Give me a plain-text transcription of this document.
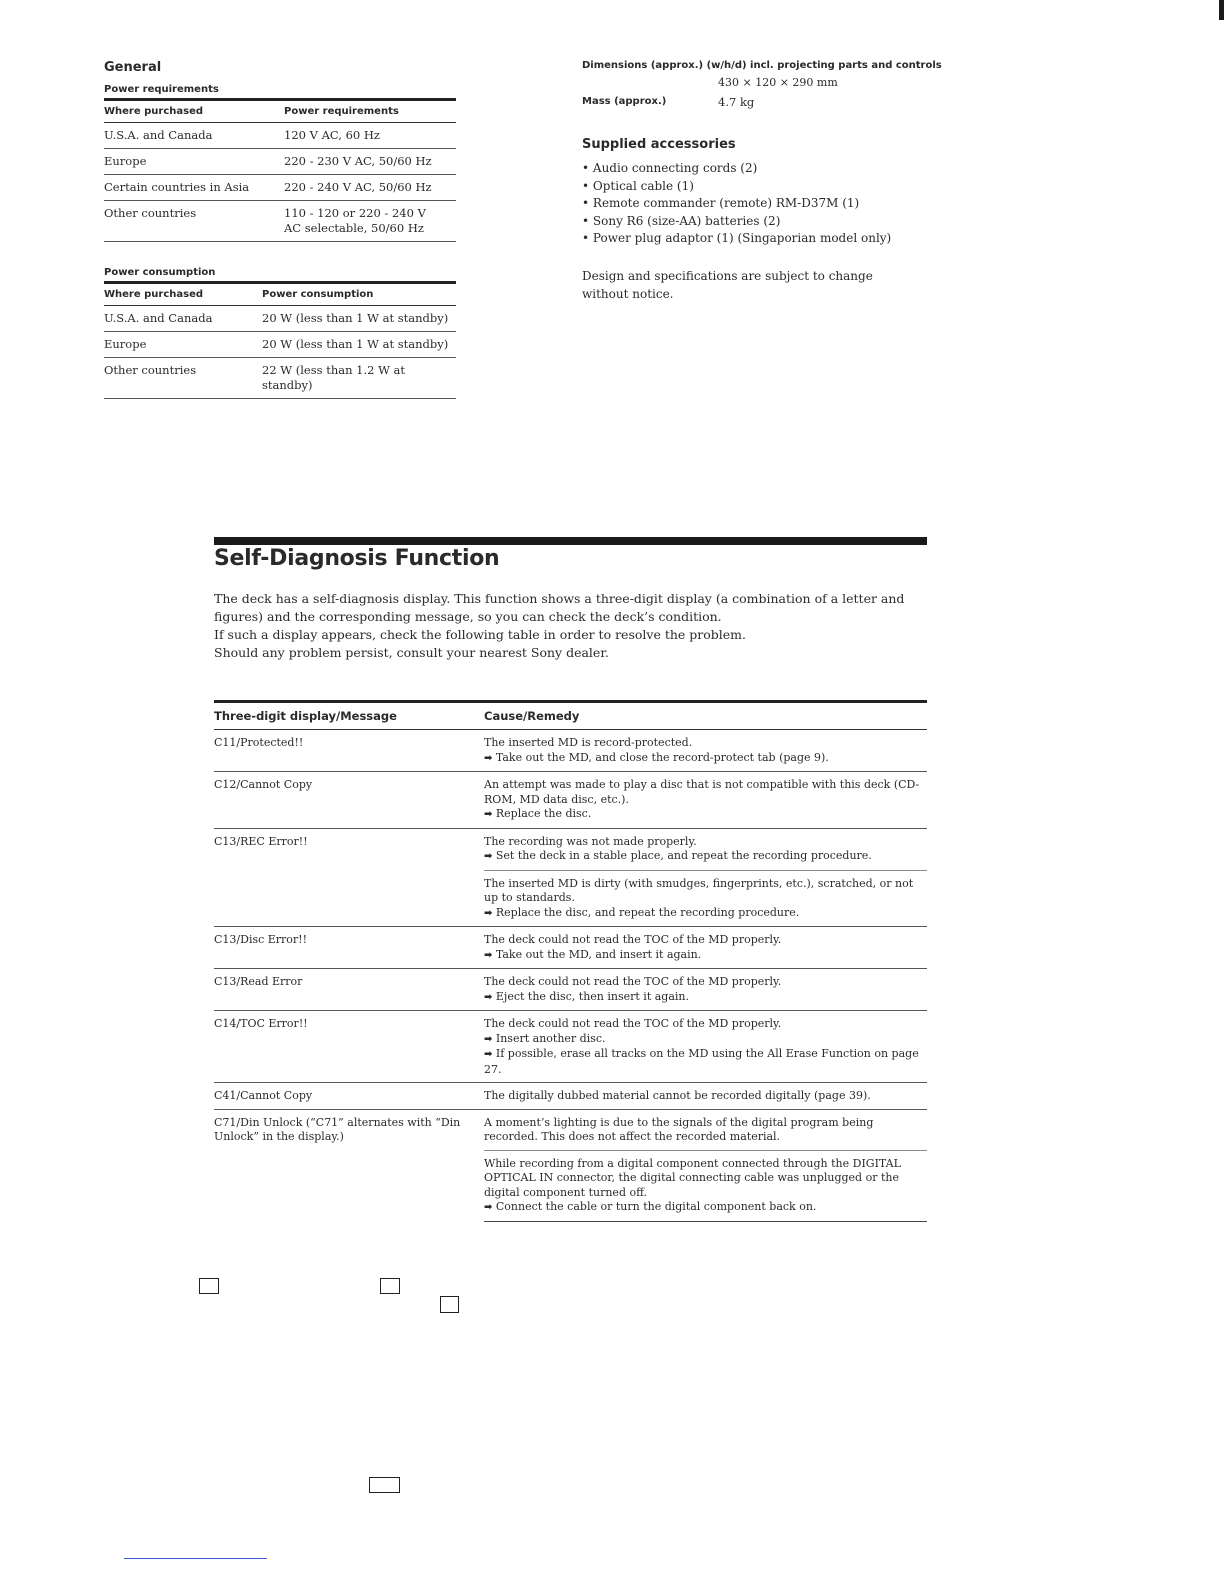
General
Power requirements
Where purchased	Power requirements
U.S.A. and Canada	120 V AC, 60 Hz
Europe	220 - 230 V AC, 50/60 Hz
Certain countries in Asia	220 - 240 V AC, 50/60 Hz
Other countries	110 - 120 or 220 - 240 V AC selectable, 50/60 Hz
Power consumption
Where purchased	Power consumption
U.S.A. and Canada	20 W (less than 1 W at standby)
Europe	20 W (less than 1 W at standby)
Other countries	22 W (less than 1.2 W at standby)
Dimensions (approx.) (w/h/d) incl. projecting parts and controls
430 × 120 × 290 mm
Mass (approx.)	4.7 kg
Supplied accessories
• Audio connecting cords (2)
• Optical cable (1)
• Remote commander (remote) RM-D37M (1)
• Sony R6 (size-AA) batteries (2)
• Power plug adaptor (1) (Singaporian model only)
Design and specifications are subject to change without notice.
Self-Diagnosis Function

The deck has a self-diagnosis display. This function shows a three-digit display (a combination of a letter and figures) and the corresponding message, so you can check the deck’s condition.

If such a display appears, check the following table in order to resolve the problem.

Should any problem persist, consult your nearest Sony dealer.

Three-digit display/Message	Cause/Remedy
C11/Protected!!	The inserted MD is record-protected.
➡ Take out the MD, and close the record-protect tab (page 9).

C12/Cannot Copy	An attempt was made to play a disc that is not compatible with this deck (CD-ROM, MD data disc, etc.).
➡ Replace the disc.

C13/REC Error!!	The recording was not made properly.
➡ Set the deck in a stable place, and repeat the recording procedure.

	The inserted MD is dirty (with smudges, fingerprints, etc.), scratched, or not up to standards.
➡ Replace the disc, and repeat the recording procedure.

C13/Disc Error!!	The deck could not read the TOC of the MD properly.
➡ Take out the MD, and insert it again.

C13/Read Error	The deck could not read the TOC of the MD properly.
➡ Eject the disc, then insert it again.

C14/TOC Error!!	The deck could not read the TOC of the MD properly.
➡ Insert another disc.
➡ If possible, erase all tracks on the MD using the All Erase Function on page 27.

C41/Cannot Copy	The digitally dubbed material cannot be recorded digitally (page 39).

C71/Din Unlock (“C71” alternates with “Din Unlock” in the display.)	A moment’s lighting is due to the signals of the digital program being recorded. This does not affect the recorded material.

	While recording from a digital component connected through the DIGITAL OPTICAL IN connector, the digital connecting cable was unplugged or the digital component turned off.
➡ Connect the cable or turn the digital component back on.
